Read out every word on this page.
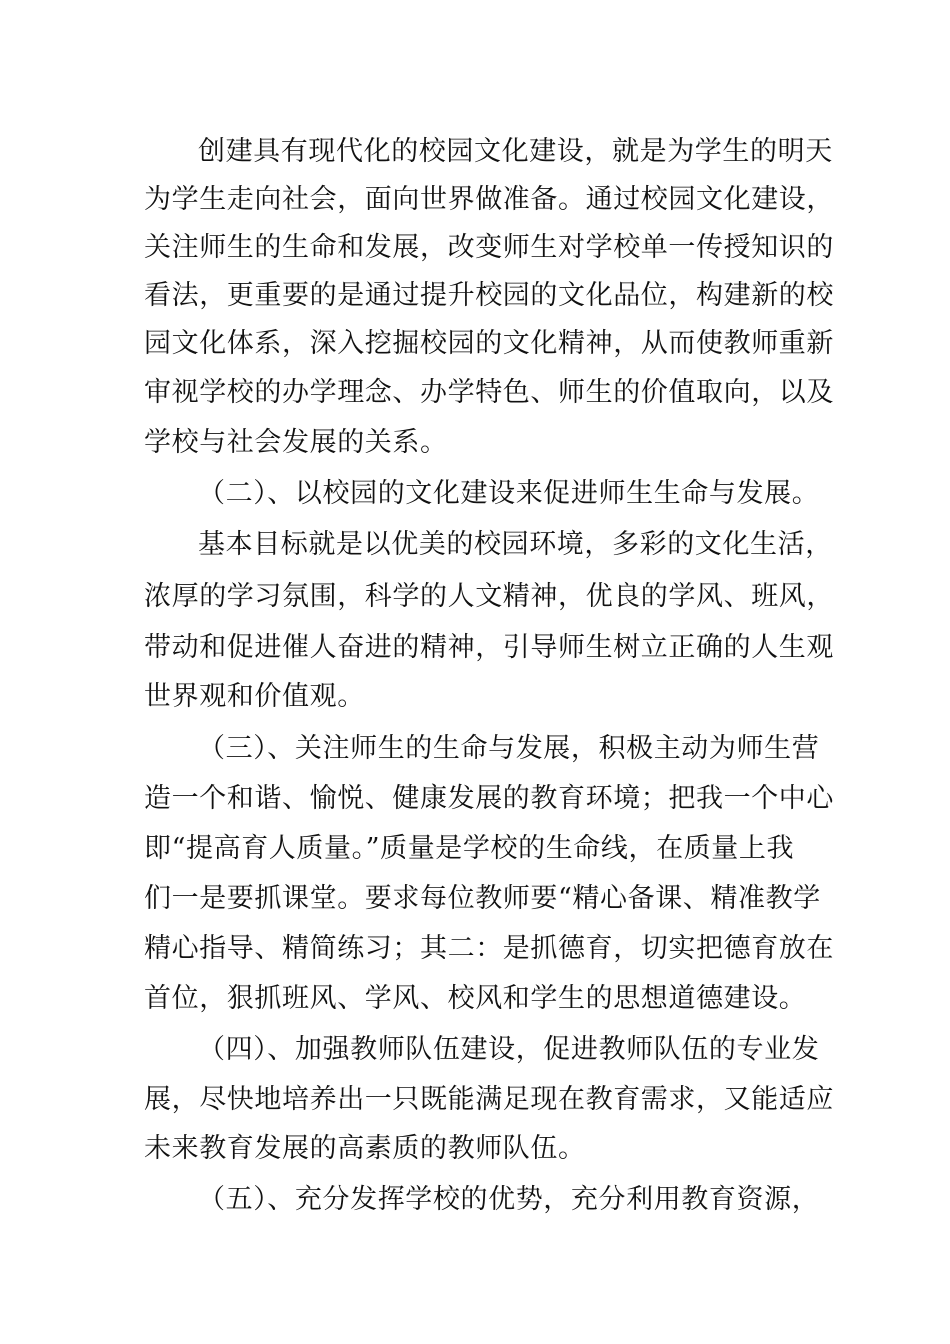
创建具有现代化的校园文化建设，就是为学生的明天
为学生走向社会，面向世界做准备。通过校园文化建设，
关注师生的生命和发展，改变师生对学校单一传授知识的
看法，更重要的是通过提升校园的文化品位，构建新的校
园文化体系，深入挖掘校园的文化精神，从而使教师重新
审视学校的办学理念、办学特色、师生的价值取向，以及
学校与社会发展的关系。
（二）、以校园的文化建设来促进师生生命与发展。
基本目标就是以优美的校园环境，多彩的文化生活，
浓厚的学习氛围，科学的人文精神，优良的学风、班风，
带动和促进催人奋进的精神，引导师生树立正确的人生观
世界观和价值观。
（三）、关注师生的生命与发展，积极主动为师生营
造一个和谐、愉悦、健康发展的教育环境；把我一个中心
即“提高育人质量。”质量是学校的生命线，在质量上我
们一是要抓课堂。要求每位教师要“精心备课、精准教学
精心指导、精简练习；其二：是抓德育，切实把德育放在
首位，狠抓班风、学风、校风和学生的思想道德建设。
（四）、加强教师队伍建设，促进教师队伍的专业发
展，尽快地培养出一只既能满足现在教育需求，又能适应
未来教育发展的高素质的教师队伍。
（五）、充分发挥学校的优势，充分利用教育资源，
